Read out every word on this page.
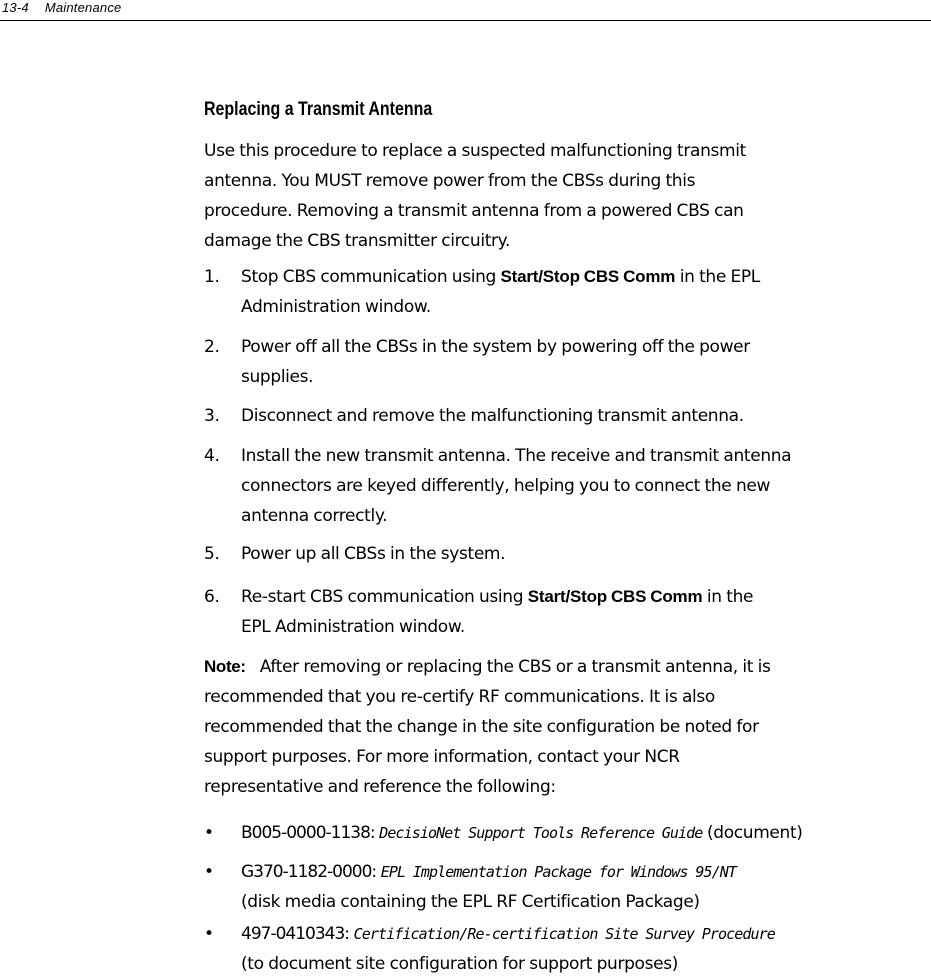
13-4 Maintenance
Replacing a Transmit Antenna
Use this procedure to replace a suspected malfunctioning transmit
antenna. You MUST remove power from the CBSs during this
procedure. Removing a transmit antenna from a powered CBS can
damage the CBS transmitter circuitry.
1. Stop CBS communication using Start/Stop CBS Comm in the EPL
Administration window.
2. Power off all the CBSs in the system by powering off the power
supplies.
3. Disconnect and remove the malfunctioning transmit antenna.
4. Install the new transmit antenna. The receive and transmit antenna
connectors are keyed differently, helping you to connect the new
antenna correctly.
5. Power up all CBSs in the system.
6. Re-start CBS communication using Start/Stop CBS Comm in the
EPL Administration window.
Note: After removing or replacing the CBS or a transmit antenna, it is
recommended that you re-certify RF communications. It is also
recommended that the change in the site configuration be noted for
support purposes. For more information, contact your NCR
representative and reference the following:
• B005-0000-1138: DecisioNet Support Tools Reference Guide (document)
• G370-1182-0000: EPL Implementation Package for Windows 95/NT
(disk media containing the EPL RF Certification Package)
• 497-0410343: Certification/Re-certification Site Survey Procedure
(to document site configuration for support purposes)
